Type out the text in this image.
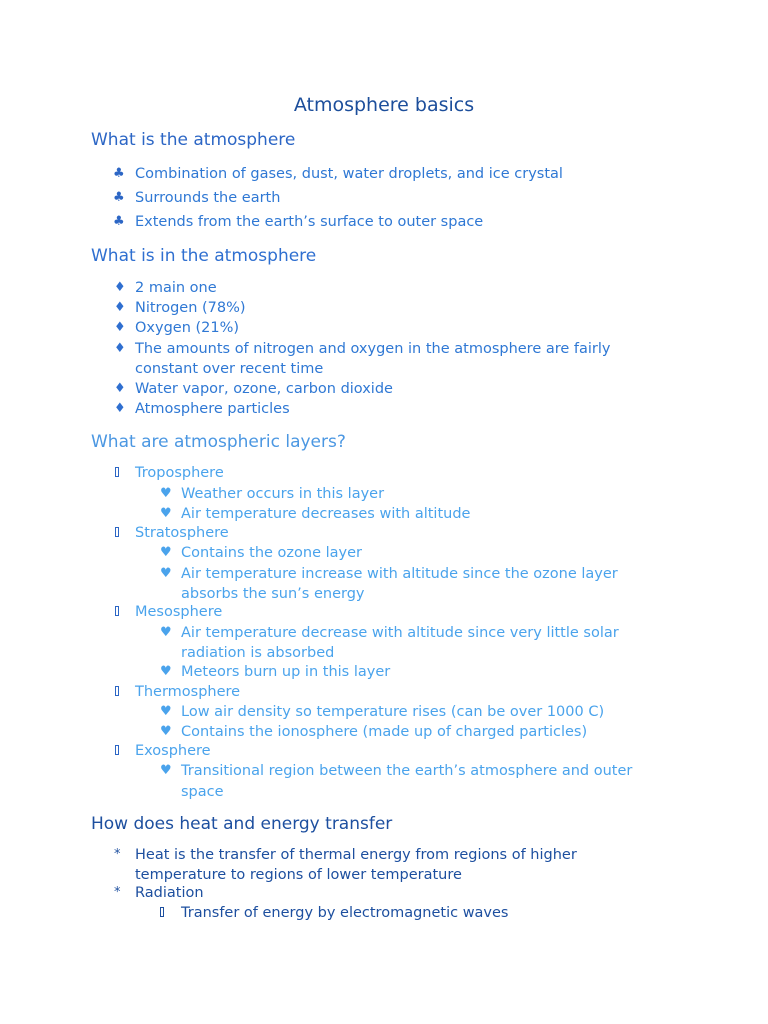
Atmosphere basics
What is the atmosphere
♣ Combination of gases, dust, water droplets, and ice crystal
♣ Surrounds the earth
♣ Extends from the earth’s surface to outer space
What is in the atmosphere
♦ 2 main one
♦ Nitrogen (78%)
♦ Oxygen (21%)
♦ The amounts of nitrogen and oxygen in the atmosphere are fairly
constant over recent time
♦ Water vapor, ozone, carbon dioxide
♦ Atmosphere particles
What are atmospheric layers?
Troposphere
♥ Weather occurs in this layer
♥ Air temperature decreases with altitude
Stratosphere
♥ Contains the ozone layer
♥ Air temperature increase with altitude since the ozone layer
absorbs the sun’s energy
Mesosphere
♥ Air temperature decrease with altitude since very little solar
radiation is absorbed
♥ Meteors burn up in this layer
Thermosphere
♥ Low air density so temperature rises (can be over 1000 C)
♥ Contains the ionosphere (made up of charged particles)
Exosphere
♥ Transitional region between the earth’s atmosphere and outer
space
How does heat and energy transfer
* Heat is the transfer of thermal energy from regions of higher
temperature to regions of lower temperature
* Radiation
Transfer of energy by electromagnetic waves
